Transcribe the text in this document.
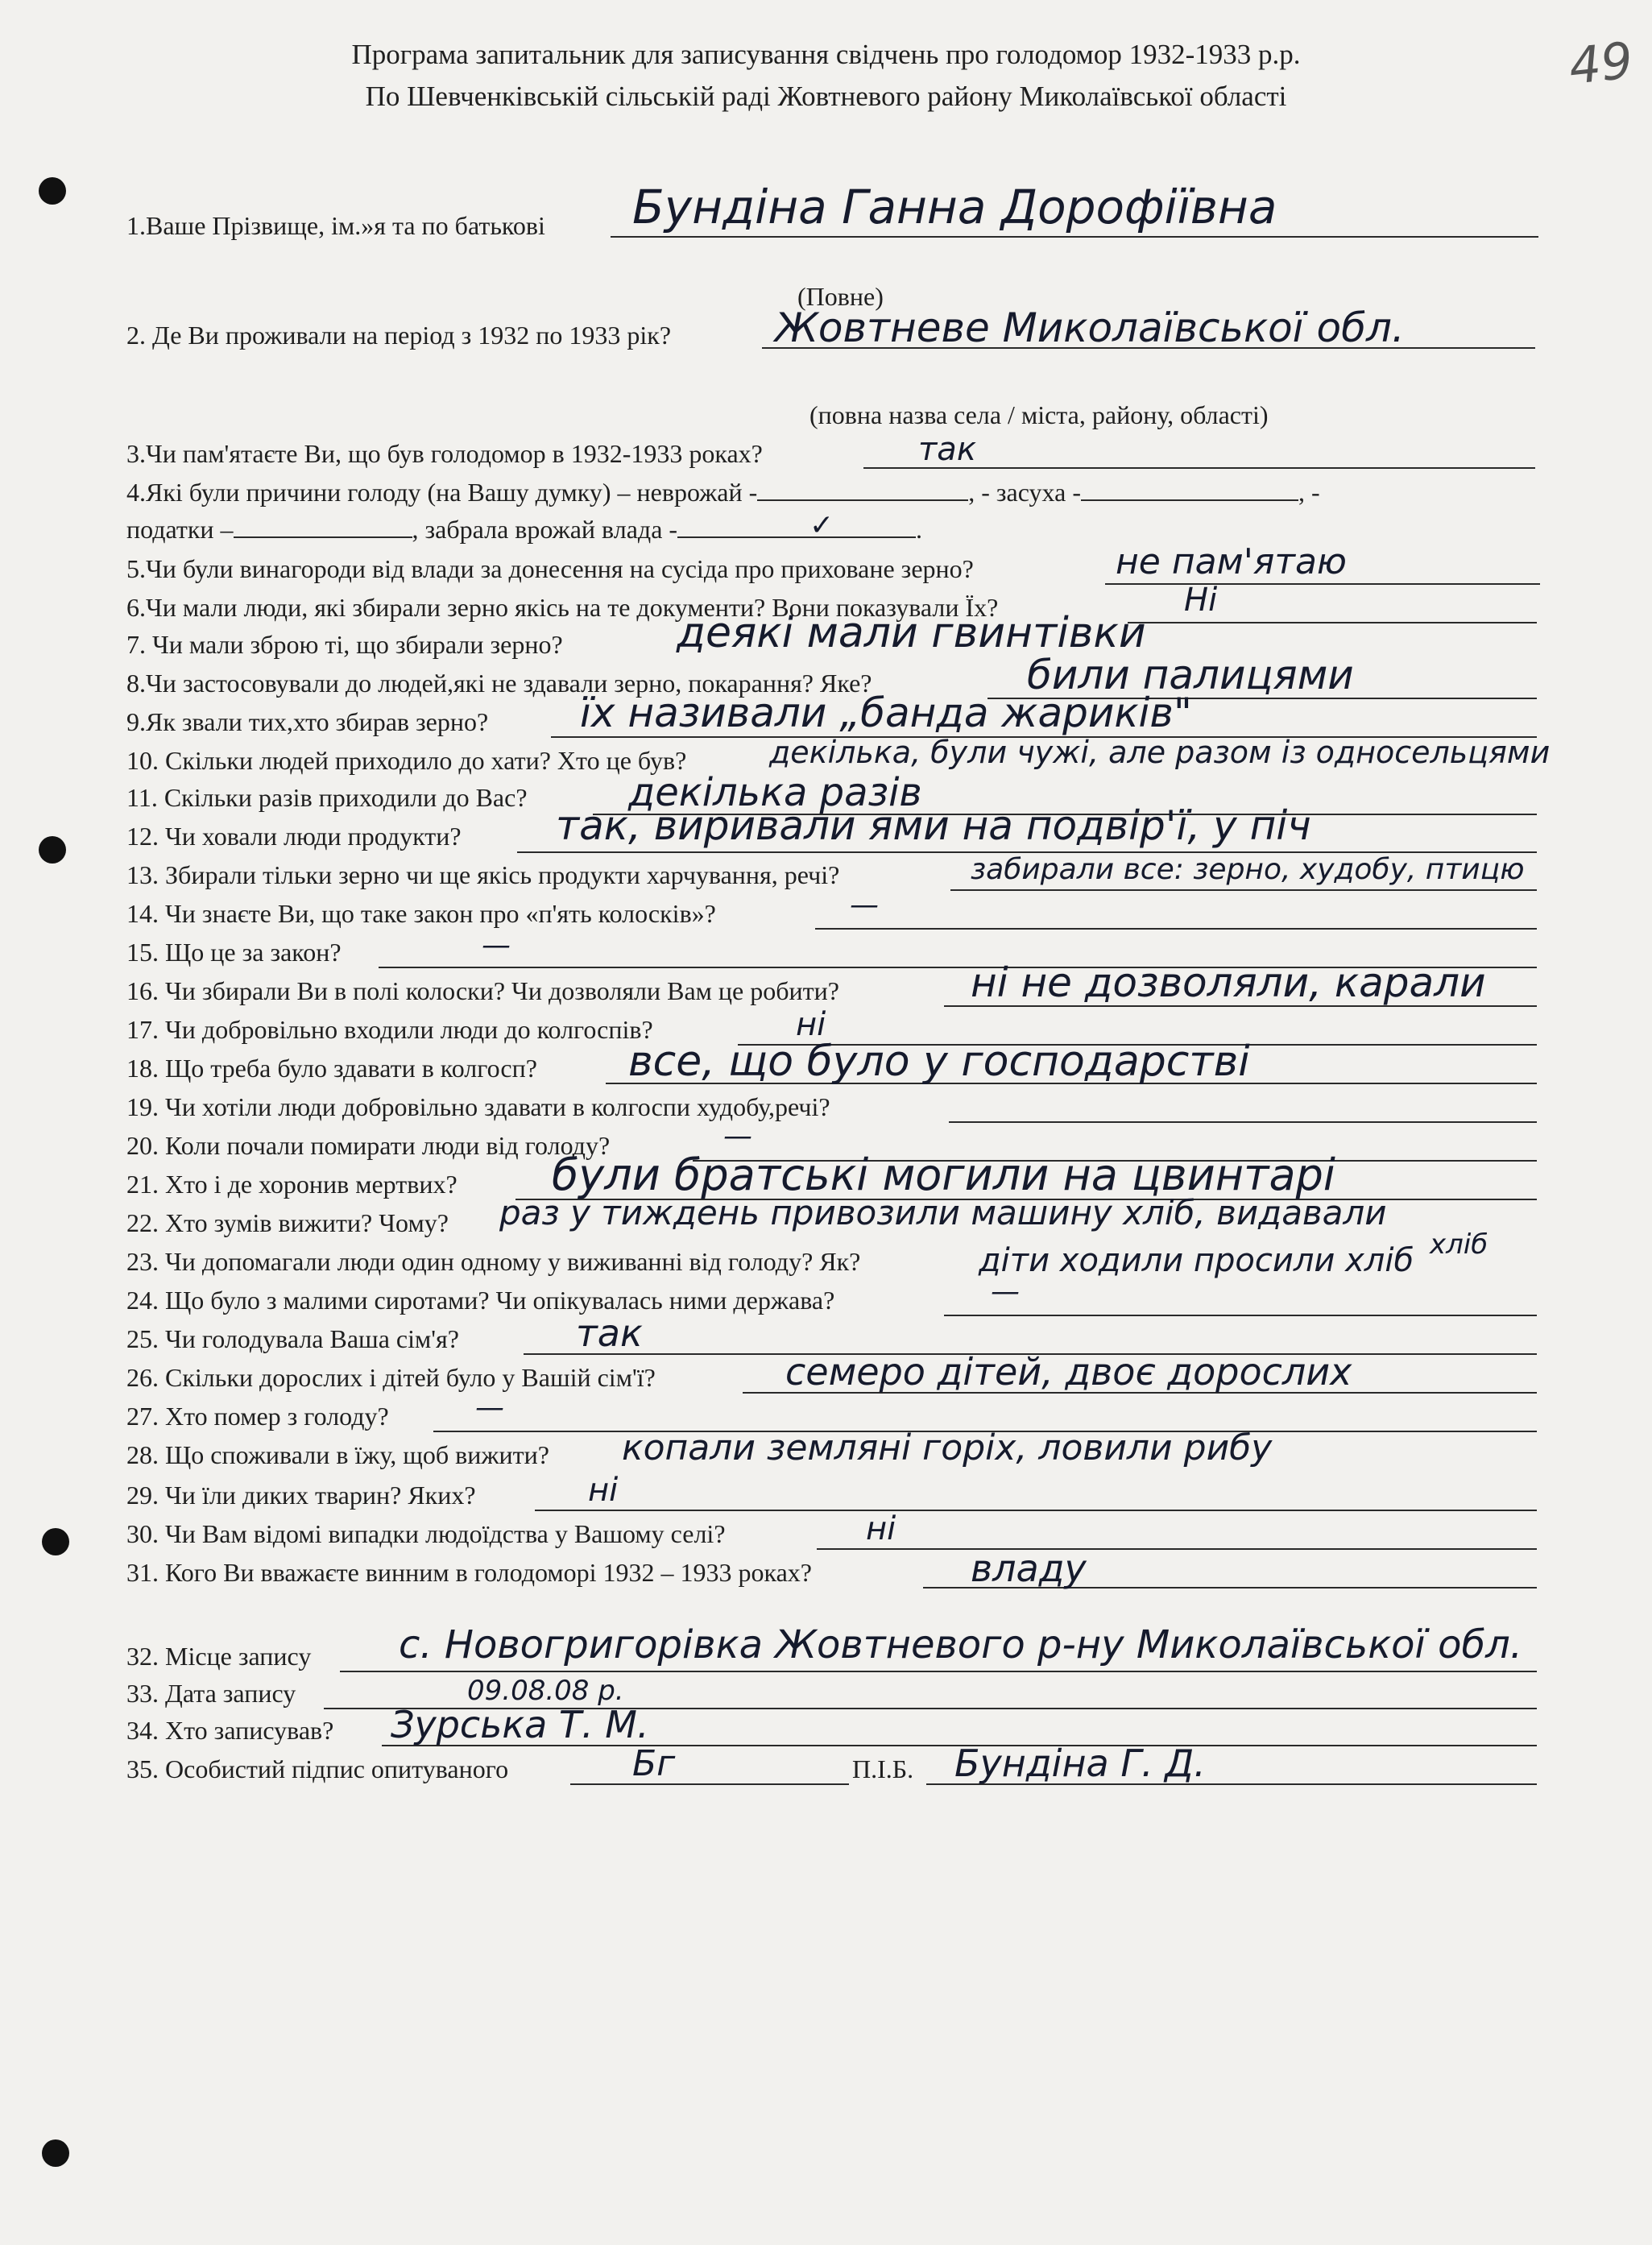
49
Програма запитальник для записування свідчень про голодомор 1932-1933 р.р.
По Шевченківській сільській раді Жовтневого району Миколаївської області
1.Ваше Прізвище, ім.»я та по батькові Бундіна Ганна Дорофіївна
(Повне)
2. Де Ви проживали на період з 1932 по 1933 рік?	Жовтневе Миколаївської обл.
(повна назва села / міста, району, області)
3.Чи пам'ятаєте Ви, що був голодомор в 1932-1933 роках?	так
4.Які були причини голоду (на Вашу думку) – неврожай -	, - засуха -	, -
податки –	, забрала врожай влада -	.
✓
5.Чи були винагороди від влади за донесення на сусіда про приховане зерно?	не пам'ятаю
6.Чи мали люди, які збирали зерно якісь на те документи? Вони показували Їх?	Ні
7. Чи мали зброю ті, що збирали зерно?	деякі мали гвинтівки
8.Чи застосовували до людей,які не здавали зерно, покарання? Яке?	били палицями
9.Як звали тих,хто збирав зерно? їх називали „банда жариків"
10. Скільки людей приходило до хати? Хто це був?	декілька, були чужі, але разом із односельцями
11. Скільки разів приходили до Вас?	декілька разів
12. Чи ховали люди продукти? так, виривали ями на подвір'ї, у піч
13. Збирали тільки зерно чи ще якісь продукти харчування, речі?	забирали все: зерно, худобу, птицю
14. Чи знаєте Ви, що таке закон про «п'ять колосків»?	—
15. Що це за закон?	—
16. Чи збирали Ви в полі колоски? Чи дозволяли Вам це робити?	ні не дозволяли, карали
17. Чи добровільно входили люди до колгоспів?	ні
18. Що треба було здавати в колгосп? все, що було у господарстві
19. Чи хотіли люди добровільно здавати в колгоспи худобу,речі?
20. Коли почали помирати люди від голоду?	—
21. Хто і де хоронив мертвих? були братські могили на цвинтарі
22. Хто зумів вижити? Чому? раз у тиждень привозили машину хліб, видавали
23. Чи допомагали люди один одному у виживанні від голоду? Як?	діти ходили просили хліб хліб
24. Що було з малими сиротами? Чи опікувалась ними держава?	—
25. Чи голодувала Ваша сім'я?	так
26. Скільки дорослих і дітей було у Вашій сім'ї?	семеро дітей, двоє дорослих
27. Хто помер з голоду?	—
28. Що споживали в їжу, щоб вижити? копали земляні горіх, ловили рибу
29. Чи їли диких тварин? Яких?	ні
30. Чи Вам відомі випадки людоїдства у Вашому селі?	ні
31. Кого Ви вважаєте винним в голодоморі 1932 – 1933 роках?	владу
32. Місце запису с. Новогригорівка Жовтневого р-ну Миколаївської обл.
33. Дата запису	09.08.08 р.
34. Хто записував? Зурська Т. М.
35. Особистий підпис опитуваного	Бг	П.І.Б. Бундіна Г. Д.
